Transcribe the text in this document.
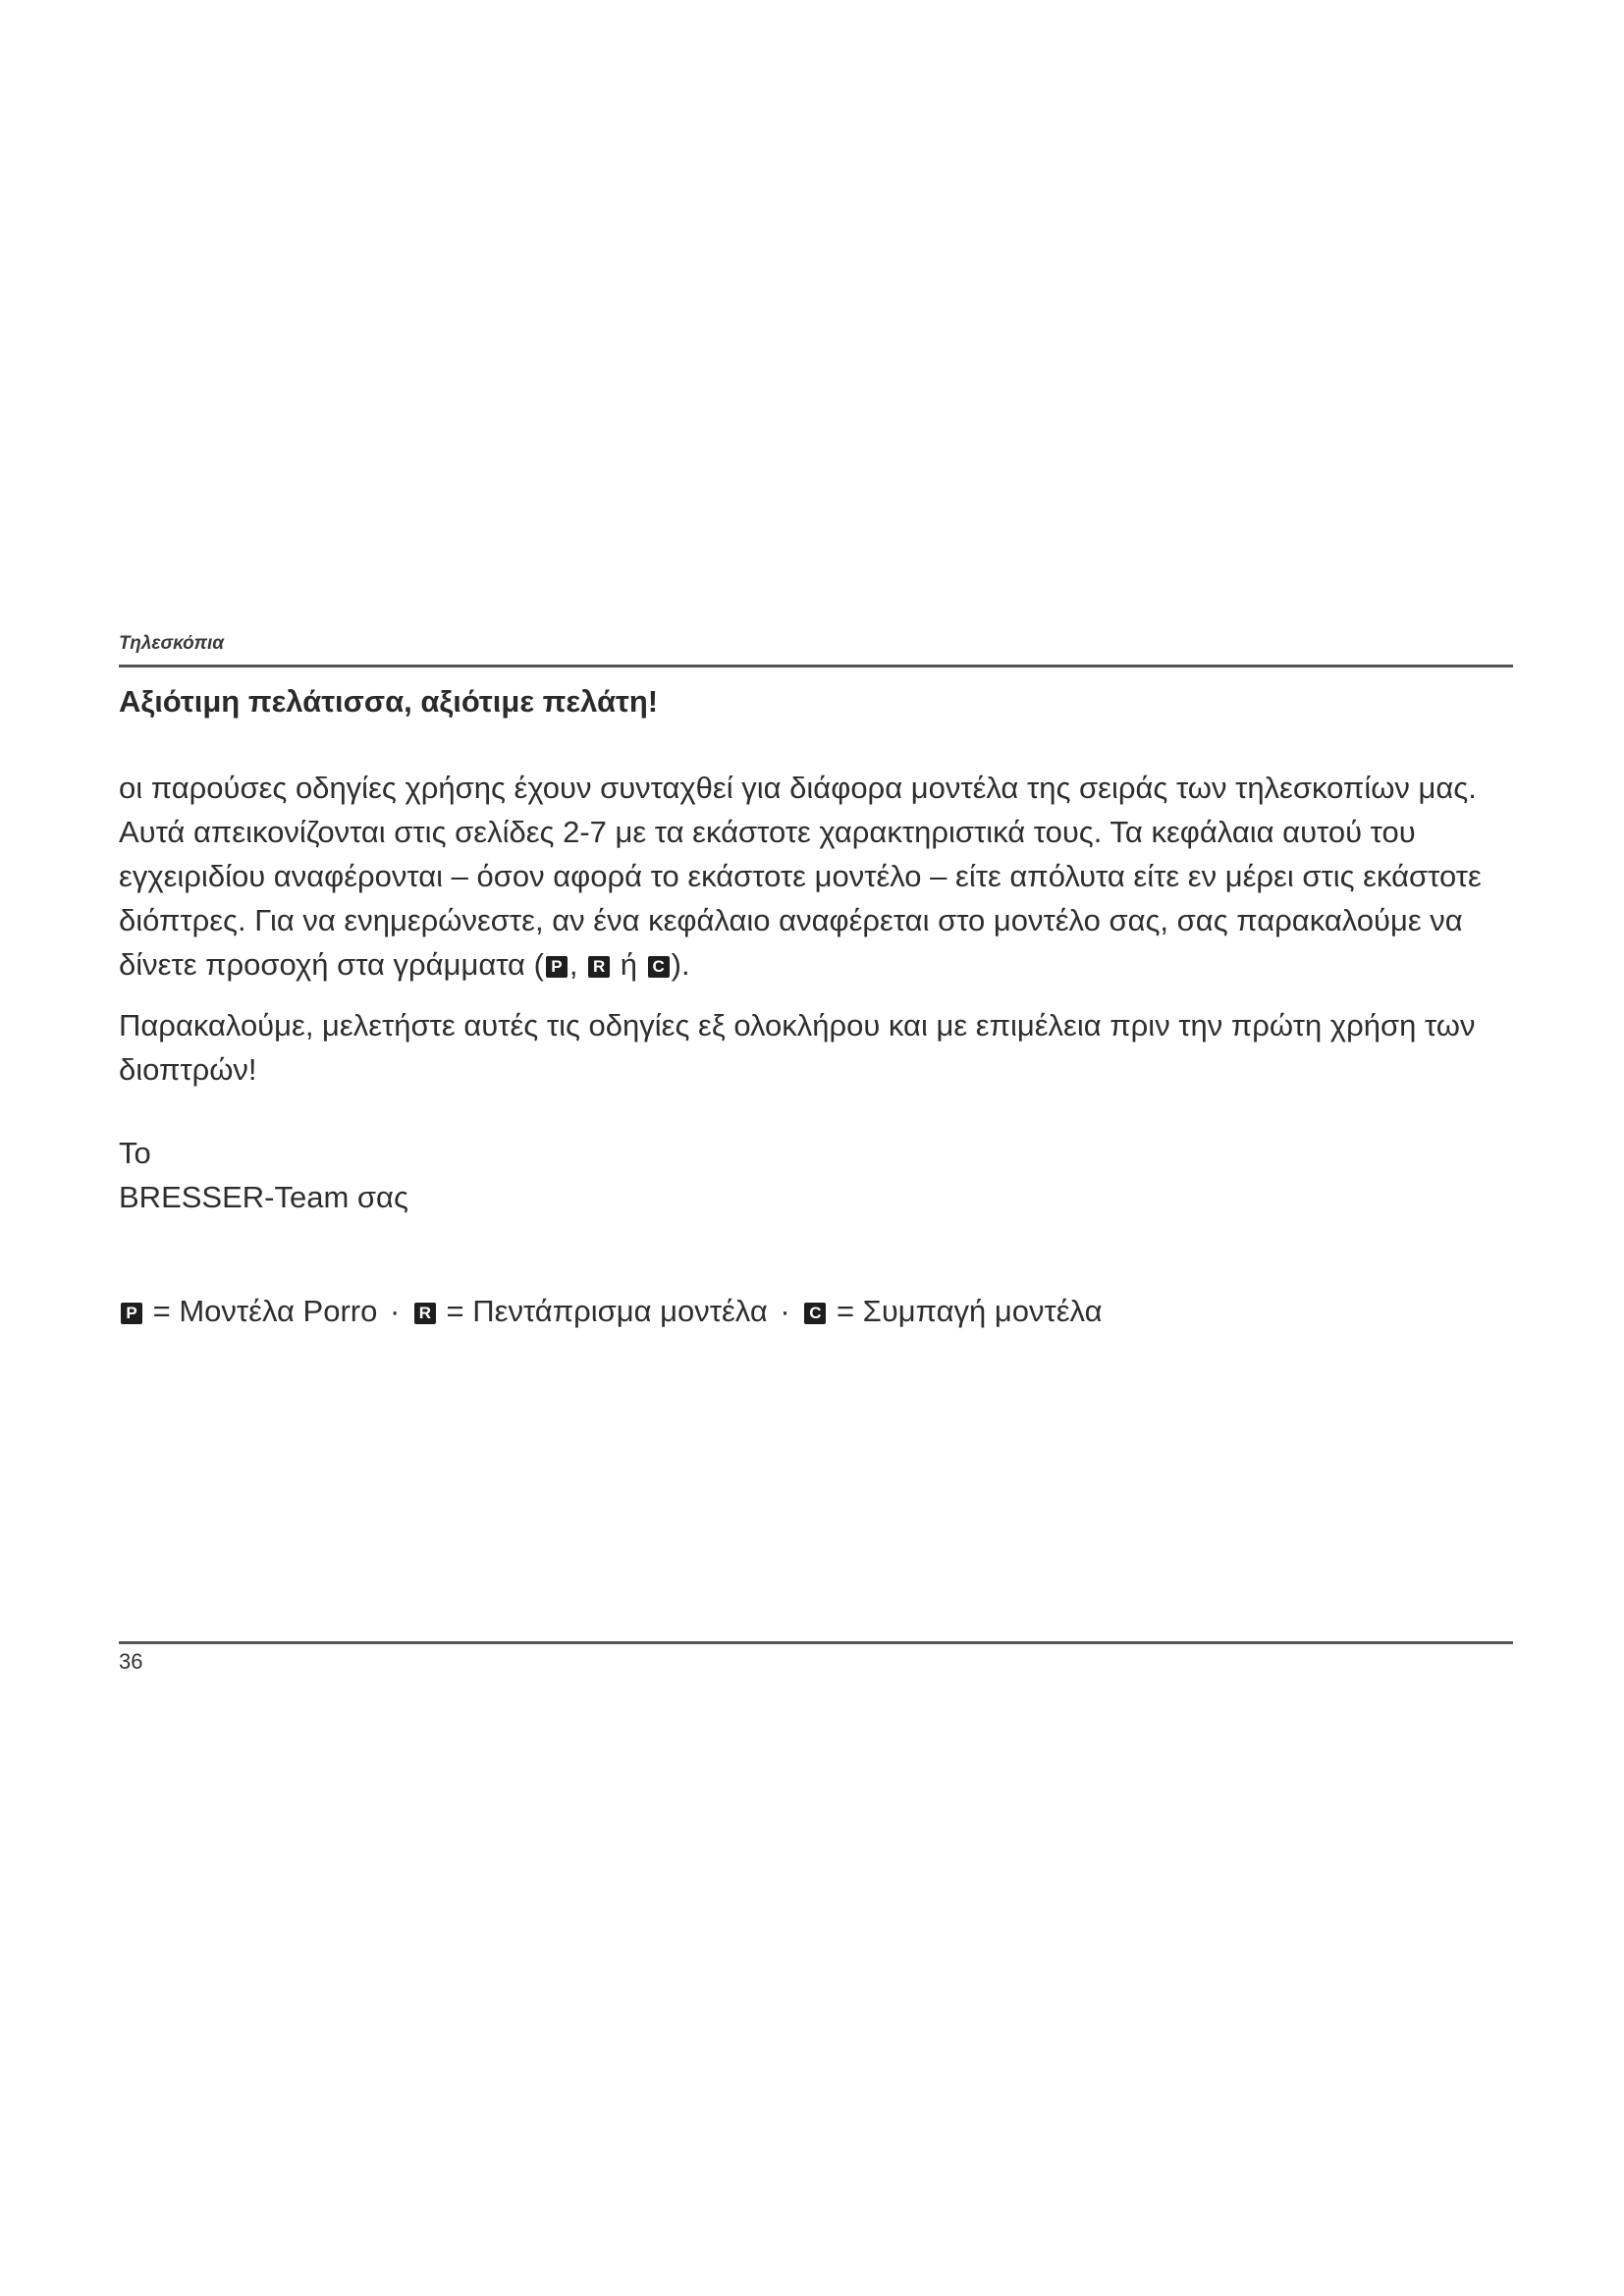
Τηλεσκόπια
Αξιότιμη πελάτισσα, αξιότιμε πελάτη!

οι παρούσες οδηγίες χρήσης έχουν συνταχθεί για διάφορα μοντέλα της σειράς των τηλεσκοπίων μας. Αυτά απεικονίζονται στις σελίδες 2-7 με τα εκάστοτε χαρακτηριστικά τους. Τα κεφάλαια αυτού του εγχειριδίου αναφέρονται – όσον αφορά το εκάστοτε μοντέλο – είτε απόλυτα είτε εν μέρει στις εκάστοτε διόπτρες. Για να ενημερώνεστε, αν ένα κεφάλαιο αναφέρεται στο μοντέλο σας, σας παρακαλούμε να δίνετε προσοχή στα γράμματα ( P , R ή C ).

Παρακαλούμε, μελετήστε αυτές τις οδηγίες εξ ολοκλήρου και με επιμέλεια πριν την πρώτη χρήση των διοπτρών!

Το
BRESSER-Team σας
P = Μοντέλα Porro · R = Πεντάπρισμα μοντέλα · C = Συμπαγή μοντέλα
36
